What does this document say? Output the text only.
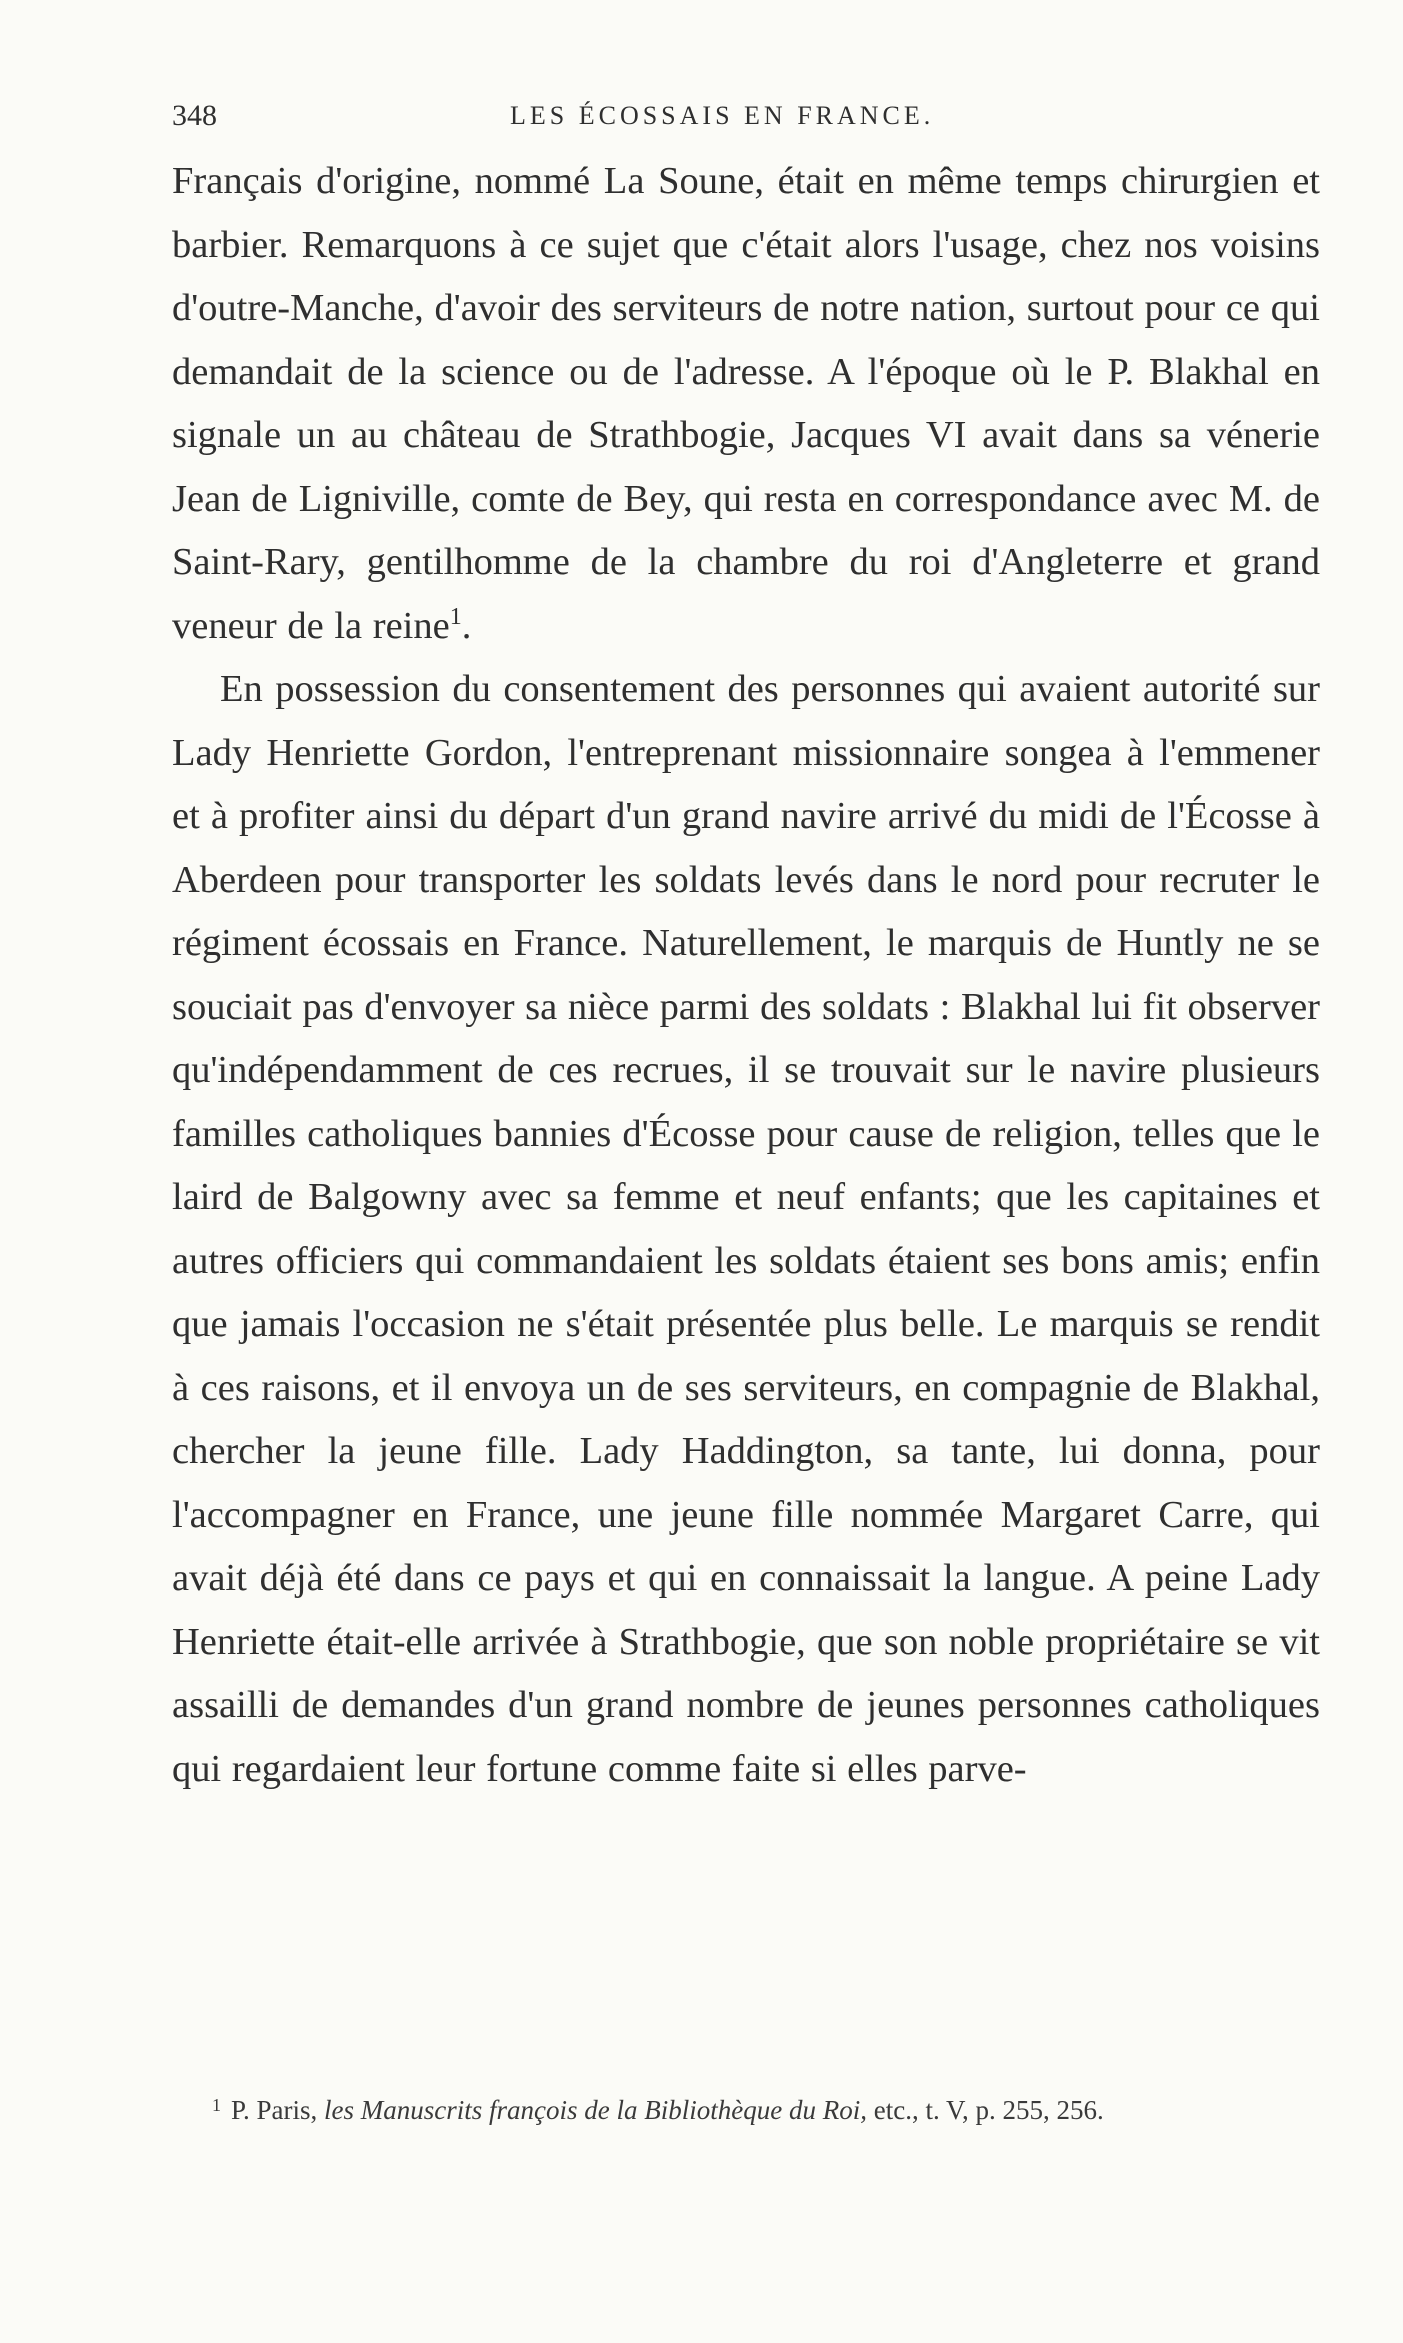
348	LES ÉCOSSAIS EN FRANCE.

Français d'origine, nommé La Soune, était en même temps chirurgien et barbier. Remarquons à ce sujet que c'était alors l'usage, chez nos voisins d'outre-Manche, d'avoir des serviteurs de notre nation, surtout pour ce qui demandait de la science ou de l'adresse. A l'époque où le P. Blakhal en signale un au château de Strathbogie, Jacques VI avait dans sa vénerie Jean de Ligniville, comte de Bey, qui resta en correspondance avec M. de Saint-Rary, gentilhomme de la chambre du roi d'Angleterre et grand veneur de la reine$^1$.

En possession du consentement des personnes qui avaient autorité sur Lady Henriette Gordon, l'entreprenant missionnaire songea à l'emmener et à profiter ainsi du départ d'un grand navire arrivé du midi de l'Écosse à Aberdeen pour transporter les soldats levés dans le nord pour recruter le régiment écossais en France. Naturellement, le marquis de Huntly ne se souciait pas d'envoyer sa nièce parmi des soldats : Blakhal lui fit observer qu'indépendamment de ces recrues, il se trouvait sur le navire plusieurs familles catholiques bannies d'Écosse pour cause de religion, telles que le laird de Balgowny avec sa femme et neuf enfants; que les capitaines et autres officiers qui commandaient les soldats étaient ses bons amis; enfin que jamais l'occasion ne s'était présentée plus belle. Le marquis se rendit à ces raisons, et il envoya un de ses serviteurs, en compagnie de Blakhal, chercher la jeune fille. Lady Haddington, sa tante, lui donna, pour l'accompagner en France, une jeune fille nommée Margaret Carre, qui avait déjà été dans ce pays et qui en connaissait la langue. A peine Lady Henriette était-elle arrivée à Strathbogie, que son noble propriétaire se vit assailli de demandes d'un grand nombre de jeunes personnes catholiques qui regardaient leur fortune comme faite si elles parve-

$^1$ P. Paris, les Manuscrits françois de la Bibliothèque du Roi, etc., t. V, p. 255, 256.
